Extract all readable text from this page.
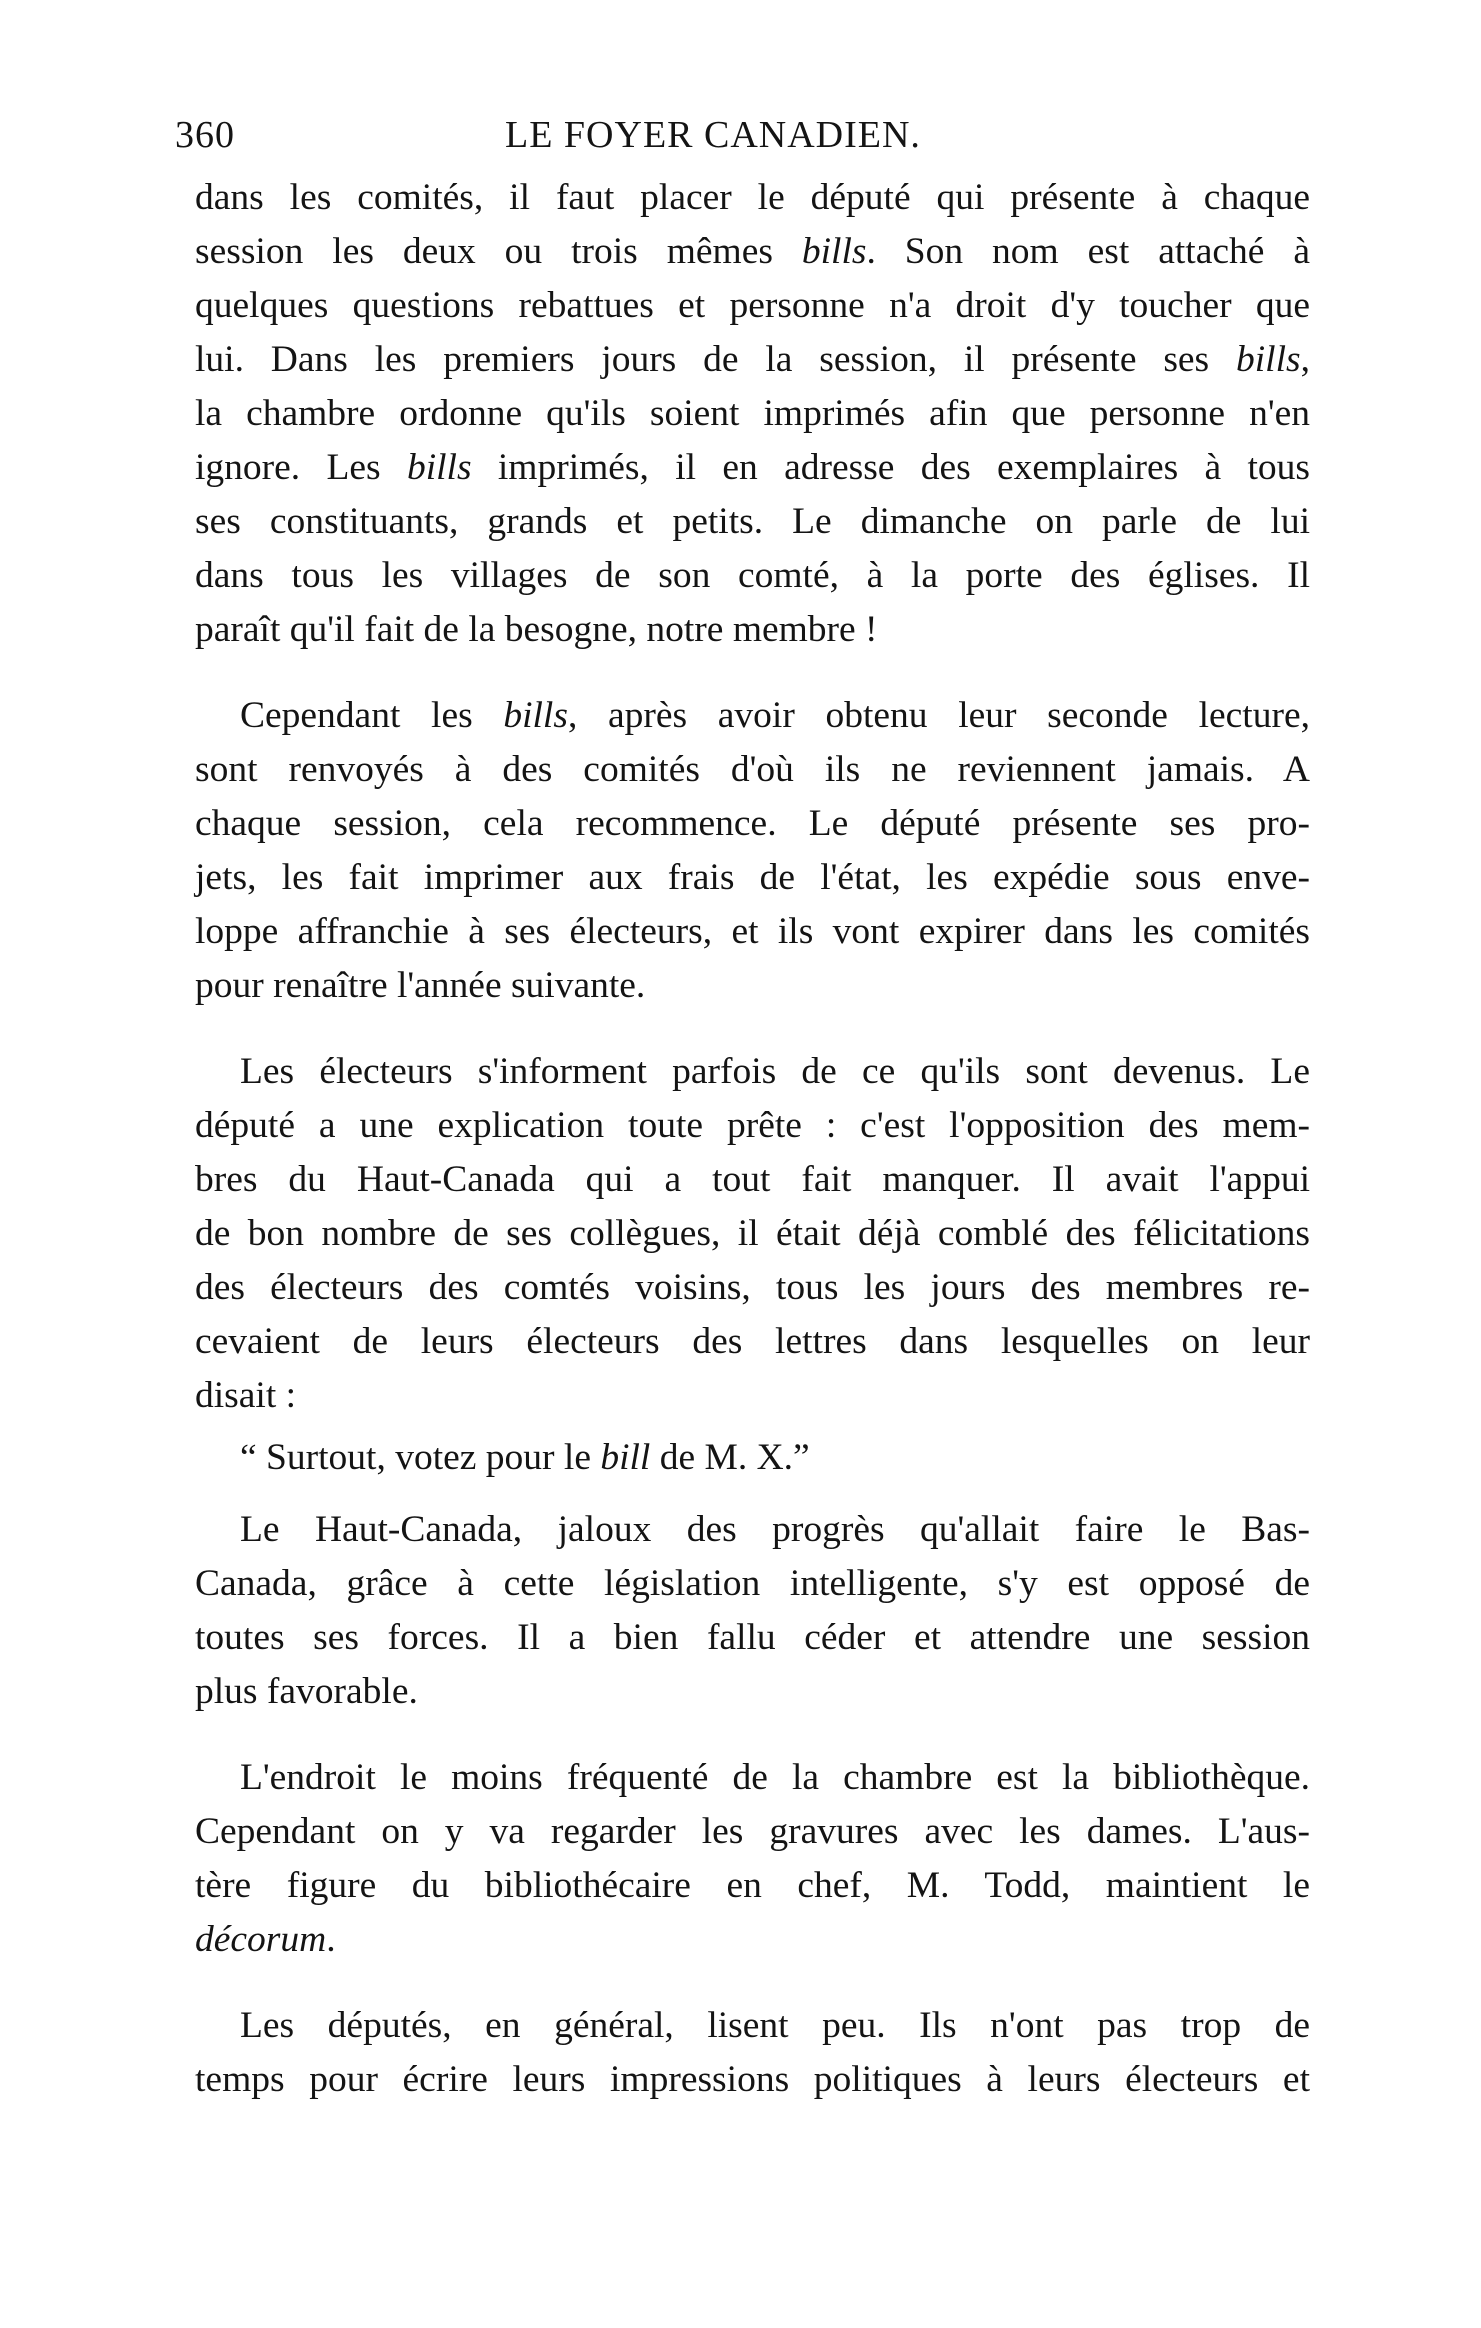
360	LE FOYER CANADIEN.
dans les comités, il faut placer le député qui présente à chaque
session les deux ou trois mêmes bills. Son nom est attaché à
quelques questions rebattues et personne n'a droit d'y toucher que
lui. Dans les premiers jours de la session, il présente ses bills,
la chambre ordonne qu'ils soient imprimés afin que personne n'en
ignore. Les bills imprimés, il en adresse des exemplaires à tous
ses constituants, grands et petits. Le dimanche on parle de lui
dans tous les villages de son comté, à la porte des églises. Il
paraît qu'il fait de la besogne, notre membre !
Cependant les bills, après avoir obtenu leur seconde lecture,
sont renvoyés à des comités d'où ils ne reviennent jamais. A
chaque session, cela recommence. Le député présente ses pro-
jets, les fait imprimer aux frais de l'état, les expédie sous enve-
loppe affranchie à ses électeurs, et ils vont expirer dans les comités
pour renaître l'année suivante.
Les électeurs s'informent parfois de ce qu'ils sont devenus. Le
député a une explication toute prête : c'est l'opposition des mem-
bres du Haut-Canada qui a tout fait manquer. Il avait l'appui
de bon nombre de ses collègues, il était déjà comblé des félicitations
des électeurs des comtés voisins, tous les jours des membres re-
cevaient de leurs électeurs des lettres dans lesquelles on leur
disait :
“ Surtout, votez pour le bill de M. X.”
Le Haut-Canada, jaloux des progrès qu'allait faire le Bas-
Canada, grâce à cette législation intelligente, s'y est opposé de
toutes ses forces. Il a bien fallu céder et attendre une session
plus favorable.
L'endroit le moins fréquenté de la chambre est la bibliothèque.
Cependant on y va regarder les gravures avec les dames. L'aus-
tère figure du bibliothécaire en chef, M. Todd, maintient le
décorum.
Les députés, en général, lisent peu. Ils n'ont pas trop de
temps pour écrire leurs impressions politiques à leurs électeurs et
